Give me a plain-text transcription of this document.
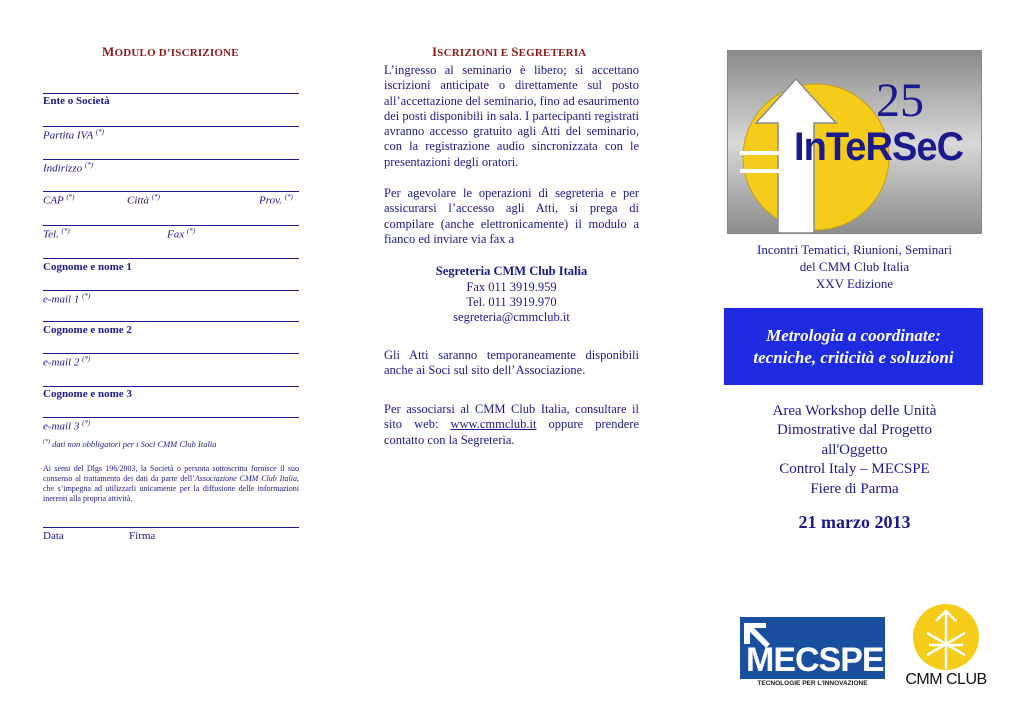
MODULO D’ISCRIZIONE
Ente o Società
Partita IVA (*)
Indirizzo (*)
CAP (*)	Città (*)	Prov. (*)
Tel. (*)	Fax (*)
Cognome e nome 1
e-mail 1 (*)
Cognome e nome 2
e-mail 2 (*)
Cognome e nome 3
e-mail 3 (*)
(*) dati non obbligatori per i Soci CMM Club Italia
Ai sensi del Dlgs 196/2003, la Società o persona sottoscritta fornisce il suo consenso al trattamento dei dati da parte dell’Associazione CMM Club Italia, che s’impegna ad utilizzarli unicamente per la diffusione delle informazioni inerenti alla propria attività.
Data	Firma
ISCRIZIONI E SEGRETERIA
L’ingresso al seminario è libero; si accettano iscrizioni anticipate o direttamente sul posto all’accettazione del seminario, fino ad esaurimento dei posti disponibili in sala. I partecipanti registrati avranno accesso gratuito agli Atti del seminario, con la registrazione audio sincronizzata con le presentazioni degli oratori.
Per agevolare le operazioni di segreteria e per assicurarsi l’accesso agli Atti, si prega di compilare (anche elettronicamente) il modulo a fianco ed inviare via fax a
Segreteria CMM Club Italia
Fax 011 3919.959
Tel. 011 3919.970
segreteria@cmmclub.it
Gli Atti saranno temporaneamente disponibili anche ai Soci sul sito dell’Associazione.
Per associarsi al CMM Club Italia, consultare il sito web: www.cmmclub.it oppure prendere contatto con la Segreteria.
25
InTeRSeC
Incontri Tematici, Riunioni, Seminari
del CMM Club Italia
XXV Edizione
Metrologia a coordinate:
tecniche, criticità e soluzioni
Area Workshop delle Unità
Dimostrative dal Progetto
all'Oggetto
Control Italy – MECSPE
Fiere di Parma
21 marzo 2013
MECSPE
TECNOLOGIE PER L'INNOVAZIONE	CMM CLUB
